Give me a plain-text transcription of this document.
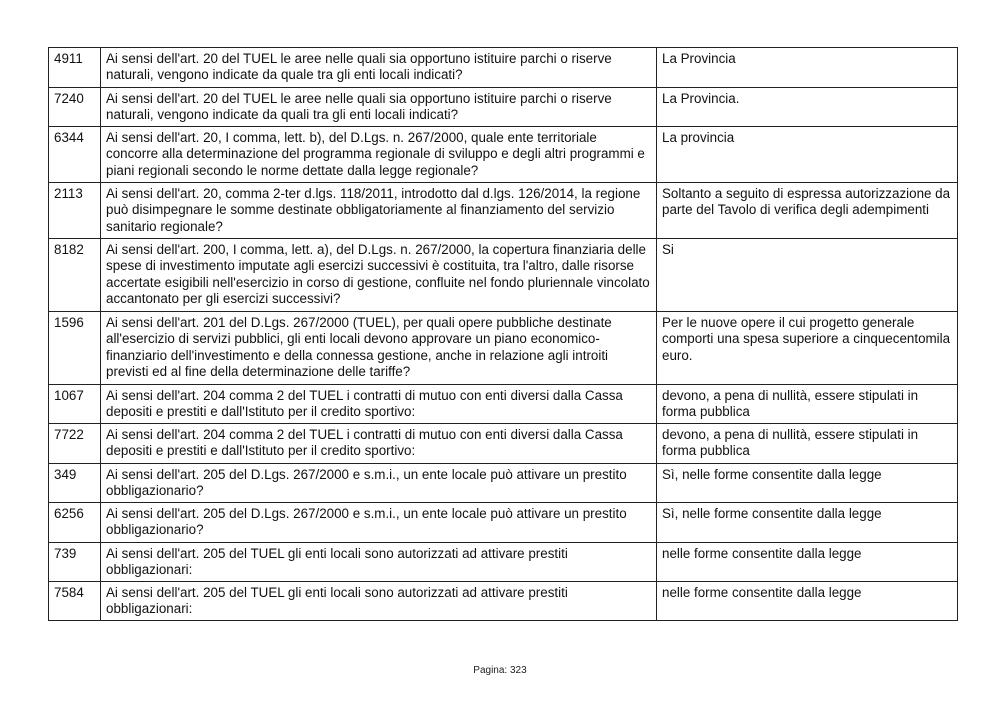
4911	Ai sensi dell'art. 20 del TUEL le aree nelle quali sia opportuno istituire parchi o riserve naturali, vengono indicate da quale tra gli enti locali indicati?	La Provincia
7240	Ai sensi dell'art. 20 del TUEL le aree nelle quali sia opportuno istituire parchi o riserve naturali, vengono indicate da quali tra gli enti locali indicati?	La Provincia.
6344	Ai sensi dell'art. 20, I comma, lett. b), del D.Lgs. n. 267/2000, quale ente territoriale concorre alla determinazione del programma regionale di sviluppo e degli altri programmi e piani regionali secondo le norme dettate dalla legge regionale?	La provincia
2113	Ai sensi dell'art. 20, comma 2-ter d.lgs. 118/2011, introdotto dal d.lgs. 126/2014, la regione può disimpegnare le somme destinate obbligatoriamente al finanziamento del servizio sanitario regionale?	Soltanto a seguito di espressa autorizzazione da parte del Tavolo di verifica degli adempimenti
8182	Ai sensi dell'art. 200, I comma, lett. a), del D.Lgs. n. 267/2000, la copertura finanziaria delle spese di investimento imputate agli esercizi successivi è costituita, tra l'altro, dalle risorse accertate esigibili nell'esercizio in corso di gestione, confluite nel fondo pluriennale vincolato accantonato per gli esercizi successivi?	Si
1596	Ai sensi dell'art. 201 del D.Lgs. 267/2000 (TUEL), per quali opere pubbliche destinate all'esercizio di servizi pubblici, gli enti locali devono approvare un piano economico-finanziario dell'investimento e della connessa gestione, anche in relazione agli introiti previsti ed al fine della determinazione delle tariffe?	Per le nuove opere il cui progetto generale comporti una spesa superiore a cinquecentomila euro.
1067	Ai sensi dell'art. 204 comma 2 del TUEL i contratti di mutuo con enti diversi dalla Cassa depositi e prestiti e dall'Istituto per il credito sportivo:	devono, a pena di nullità, essere stipulati in forma pubblica
7722	Ai sensi dell'art. 204 comma 2 del TUEL i contratti di mutuo con enti diversi dalla Cassa depositi e prestiti e dall'Istituto per il credito sportivo:	devono, a pena di nullità, essere stipulati in forma pubblica
349	Ai sensi dell'art. 205 del D.Lgs. 267/2000 e s.m.i., un ente locale può attivare un prestito obbligazionario?	Sì, nelle forme consentite dalla legge
6256	Ai sensi dell'art. 205 del D.Lgs. 267/2000 e s.m.i., un ente locale può attivare un prestito obbligazionario?	Sì, nelle forme consentite dalla legge
739	Ai sensi dell'art. 205 del TUEL gli enti locali sono autorizzati ad attivare prestiti obbligazionari:	nelle forme consentite dalla legge
7584	Ai sensi dell'art. 205 del TUEL gli enti locali sono autorizzati ad attivare prestiti obbligazionari:	nelle forme consentite dalla legge
Pagina: 323
